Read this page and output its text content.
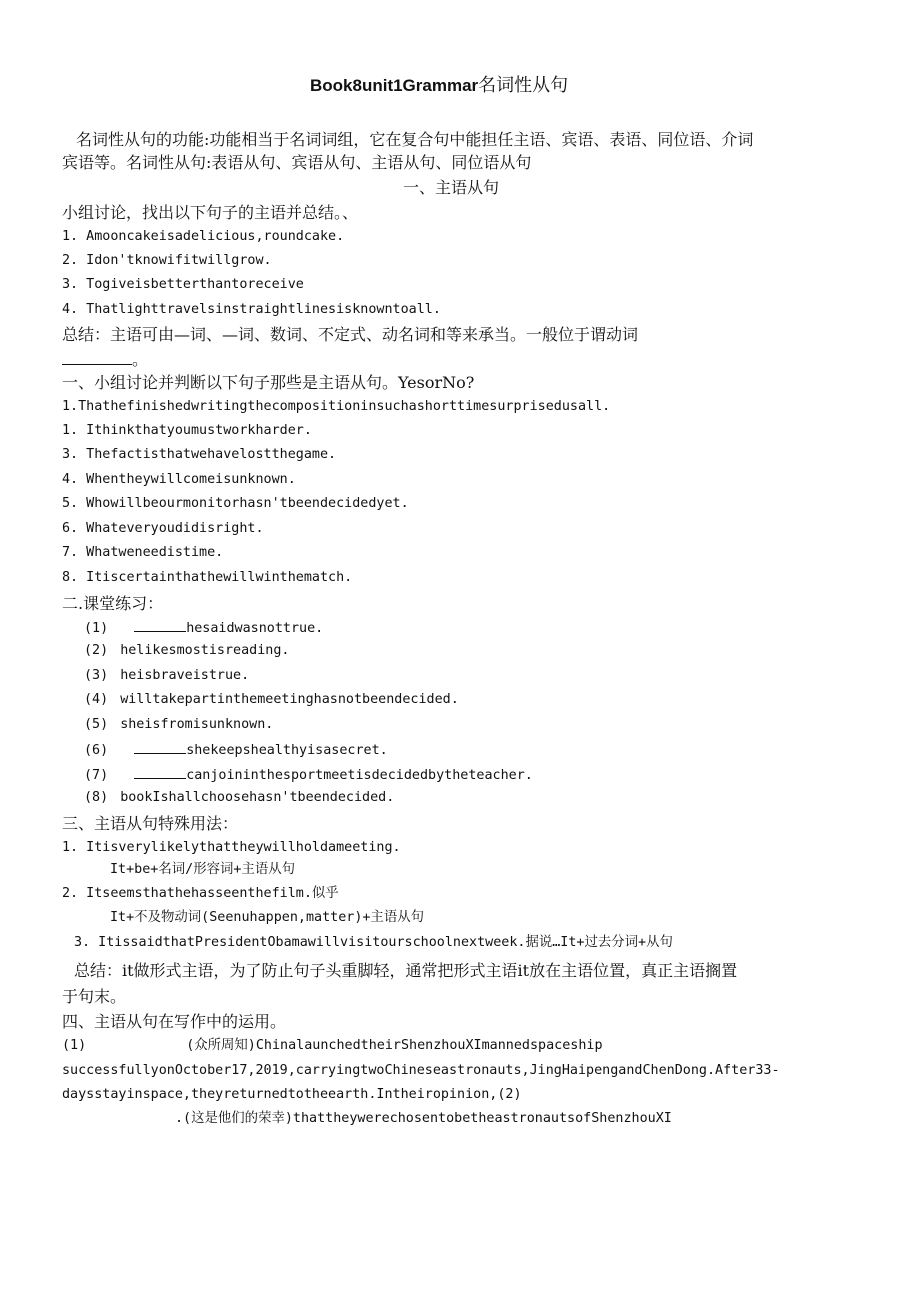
Book8unit1Grammar名词性从句
名词性从句的功能:功能相当于名词词组，它在复合句中能担任主语、宾语、表语、同位语、介词
宾语等。名词性从句:表语从句、宾语从句、主语从句、同位语从句
一、主语从句
小组讨论，找出以下句子的主语并总结。、
1. Amooncakeisadelicious,roundcake.
2. Idon'tknowifitwillgrow.
3. Togiveisbetterthantoreceive
4. Thatlighttravelsinstraightlinesisknowntoall.
总结：主语可由—词、—词、数词、不定式、动名词和等来承当。一般位于谓动词
。
一、小组讨论并判断以下句子那些是主语从句。YesorNo?
1.Thathefinishedwritingthecompositioninsuchashorttimesurprisedusall.
1. Ithinkthatyoumustworkharder.
3. Thefactisthatwehavelostthegame.
4. Whentheywillcomeisunknown.
5. Whowillbeourmonitorhasn'tbeendecidedyet.
6. Whateveryoudidisright.
7. Whatweneedistime.
8. Itiscertainthathewillwinthematch.
二.课堂练习：
(1)	hesaidwasnottrue.
(2) helikesmostisreading.
(3) heisbraveistrue.
(4) willtakepartinthemeetinghasnotbeendecided.
(5) sheisfromisunknown.
(6)	shekeepshealthyisasecret.
(7)	canjoininthesportmeetisdecidedbytheteacher.
(8) bookIshallchoosehasn'tbeendecided.
三、主语从句特殊用法：
1. Itisverylikelythattheywillholdameeting.
It+be+名词/形容词+主语从句
2. Itseemsthathehasseenthefilm.似乎
It+不及物动词(Seenuhappen,matter)+主语从句
3. ItissaidthatPresidentObamawillvisitourschoolnextweek.据说…It+过去分词+从句
总结：it做形式主语，为了防止句子头重脚轻，通常把形式主语it放在主语位置，真正主语搁置
于句末。
四、主语从句在写作中的运用。
(1)	(众所周知)ChinalaunchedtheirShenzhouXImannedspaceship
successfullyonOctober17,2019,carryingtwoChineseastronauts,JingHaipengandChenDong.After33-
daysstayinspace,theyreturnedtotheearth.Intheiropinion,(2)
.(这是他们的荣幸)thattheywerechosentobetheastronautsofShenzhouXI
